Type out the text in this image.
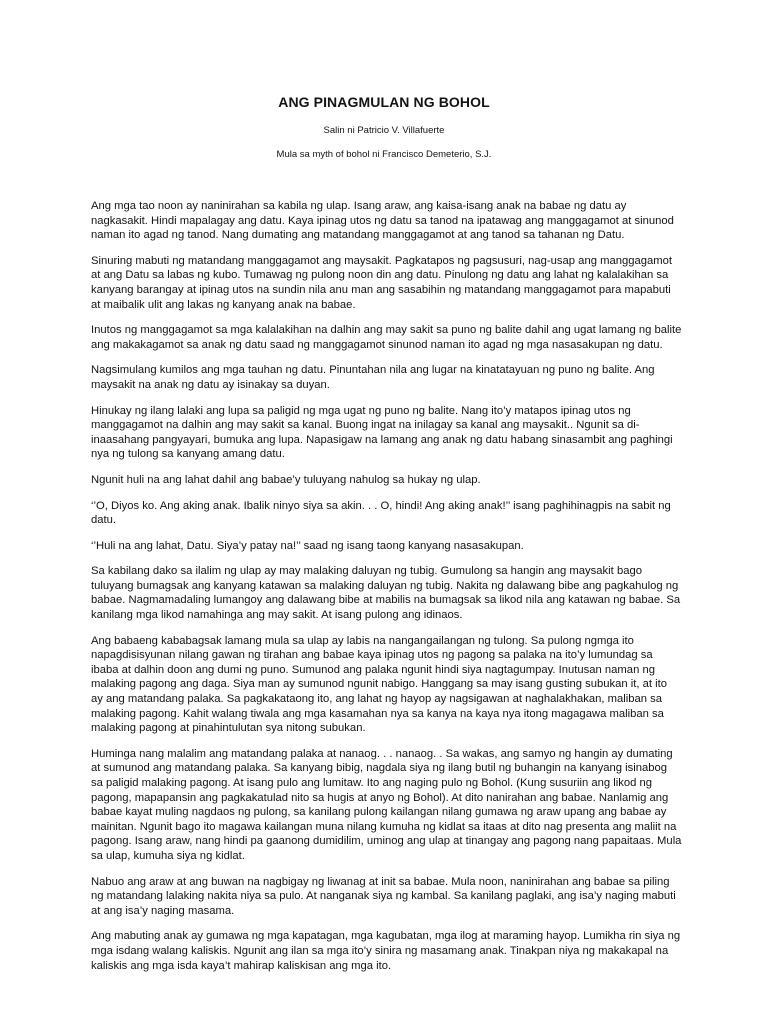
ANG PINAGMULAN NG BOHOL
Salin ni Patricio V. Villafuerte
Mula sa myth of bohol ni Francisco Demeterio, S.J.

Ang mga tao noon ay naninirahan sa kabila ng ulap. Isang araw, ang kaisa-isang anak na babae ng datu ay nagkasakit. Hindi mapalagay ang datu. Kaya ipinag utos ng datu sa tanod na ipatawag ang manggagamot at sinunod naman ito agad ng tanod. Nang dumating ang matandang manggagamot at ang tanod sa tahanan ng Datu.

Sinuring mabuti ng matandang manggagamot ang maysakit. Pagkatapos ng pagsusuri, nag-usap ang manggagamot at ang Datu sa labas ng kubo. Tumawag ng pulong noon din ang datu. Pinulong ng datu ang lahat ng kalalakihan sa kanyang barangay at ipinag utos na sundin nila anu man ang sasabihin ng matandang manggagamot para mapabuti at maibalik ulit ang lakas ng kanyang anak na babae.

Inutos ng manggagamot sa mga kalalakihan na dalhin ang may sakit sa puno ng balite dahil ang ugat lamang ng balite ang makakagamot sa anak ng datu saad ng manggagamot sinunod naman ito agad ng mga nasasakupan ng datu.

Nagsimulang kumilos ang mga tauhan ng datu. Pinuntahan nila ang lugar na kinatatayuan ng puno ng balite. Ang maysakit na anak ng datu ay isinakay sa duyan.

Hinukay ng ilang lalaki ang lupa sa paligid ng mga ugat ng puno ng balite. Nang ito’y matapos ipinag utos ng manggagamot na dalhin ang may sakit sa kanal. Buong ingat na inilagay sa kanal ang maysakit.. Ngunit sa di-inaasahang pangyayari, bumuka ang lupa. Napasigaw na lamang ang anak ng datu habang sinasambit ang paghingi nya ng tulong sa kanyang amang datu.

Ngunit huli na ang lahat dahil ang babae’y tuluyang nahulog sa hukay ng ulap.

‘’O, Diyos ko. Ang aking anak. Ibalik ninyo siya sa akin. . . O, hindi! Ang aking anak!’’ isang paghihinagpis na sabit ng datu.

‘’Huli na ang lahat, Datu. Siya’y patay na!’’ saad ng isang taong kanyang nasasakupan.

Sa kabilang dako sa ilalim ng ulap ay may malaking daluyan ng tubig. Gumulong sa hangin ang maysakit bago tuluyang bumagsak ang kanyang katawan sa malaking daluyan ng tubig. Nakita ng dalawang bibe ang pagkahulog ng babae. Nagmamadaling lumangoy ang dalawang bibe at mabilis na bumagsak sa likod nila ang katawan ng babae. Sa kanilang mga likod namahinga ang may sakit. At isang pulong ang idinaos.

Ang babaeng kababagsak lamang mula sa ulap ay labis na nangangailangan ng tulong. Sa pulong ngmga ito napagdisisyunan nilang gawan ng tirahan ang babae kaya ipinag utos ng pagong sa palaka na ito’y lumundag sa ibaba at dalhin doon ang dumi ng puno. Sumunod ang palaka ngunit hindi siya nagtagumpay. Inutusan naman ng malaking pagong ang daga. Siya man ay sumunod ngunit nabigo. Hanggang sa may isang gusting subukan it, at ito ay ang matandang palaka. Sa pagkakataong ito, ang lahat ng hayop ay nagsigawan at naghalakhakan, maliban sa malaking pagong. Kahit walang tiwala ang mga kasamahan nya sa kanya na kaya nya itong magagawa maliban sa malaking pagong at pinahintulutan sya nitong subukan.

Huminga nang malalim ang matandang palaka at nanaog. . . nanaog. . Sa wakas, ang samyo ng hangin ay dumating at sumunod ang matandang palaka. Sa kanyang bibig, nagdala siya ng ilang butil ng buhangin na kanyang isinabog sa paligid malaking pagong. At isang pulo ang lumitaw. Ito ang naging pulo ng Bohol. (Kung susuriin ang likod ng pagong, mapapansin ang pagkakatulad nito sa hugis at anyo ng Bohol). At dito nanirahan ang babae. Nanlamig ang babae kayat muling nagdaos ng pulong, sa kanilang pulong kailangan nilang gumawa ng araw upang ang babae ay mainitan. Ngunit bago ito magawa kailangan muna nilang kumuha ng kidlat sa itaas at dito nag presenta ang maliit na pagong. Isang araw, nang hindi pa gaanong dumidilim, uminog ang ulap at tinangay ang pagong nang papaitaas. Mula sa ulap, kumuha siya ng kidlat.

Nabuo ang araw at ang buwan na nagbigay ng liwanag at init sa babae. Mula noon, naninirahan ang babae sa piling ng matandang lalaking nakita niya sa pulo. At nanganak siya ng kambal. Sa kanilang paglaki, ang isa’y naging mabuti at ang isa’y naging masama.

Ang mabuting anak ay gumawa ng mga kapatagan, mga kagubatan, mga ilog at maraming hayop. Lumikha rin siya ng mga isdang walang kaliskis. Ngunit ang ilan sa mga ito’y sinira ng masamang anak. Tinakpan niya ng makakapal na kaliskis ang mga isda kaya’t mahirap kaliskisan ang mga ito.
